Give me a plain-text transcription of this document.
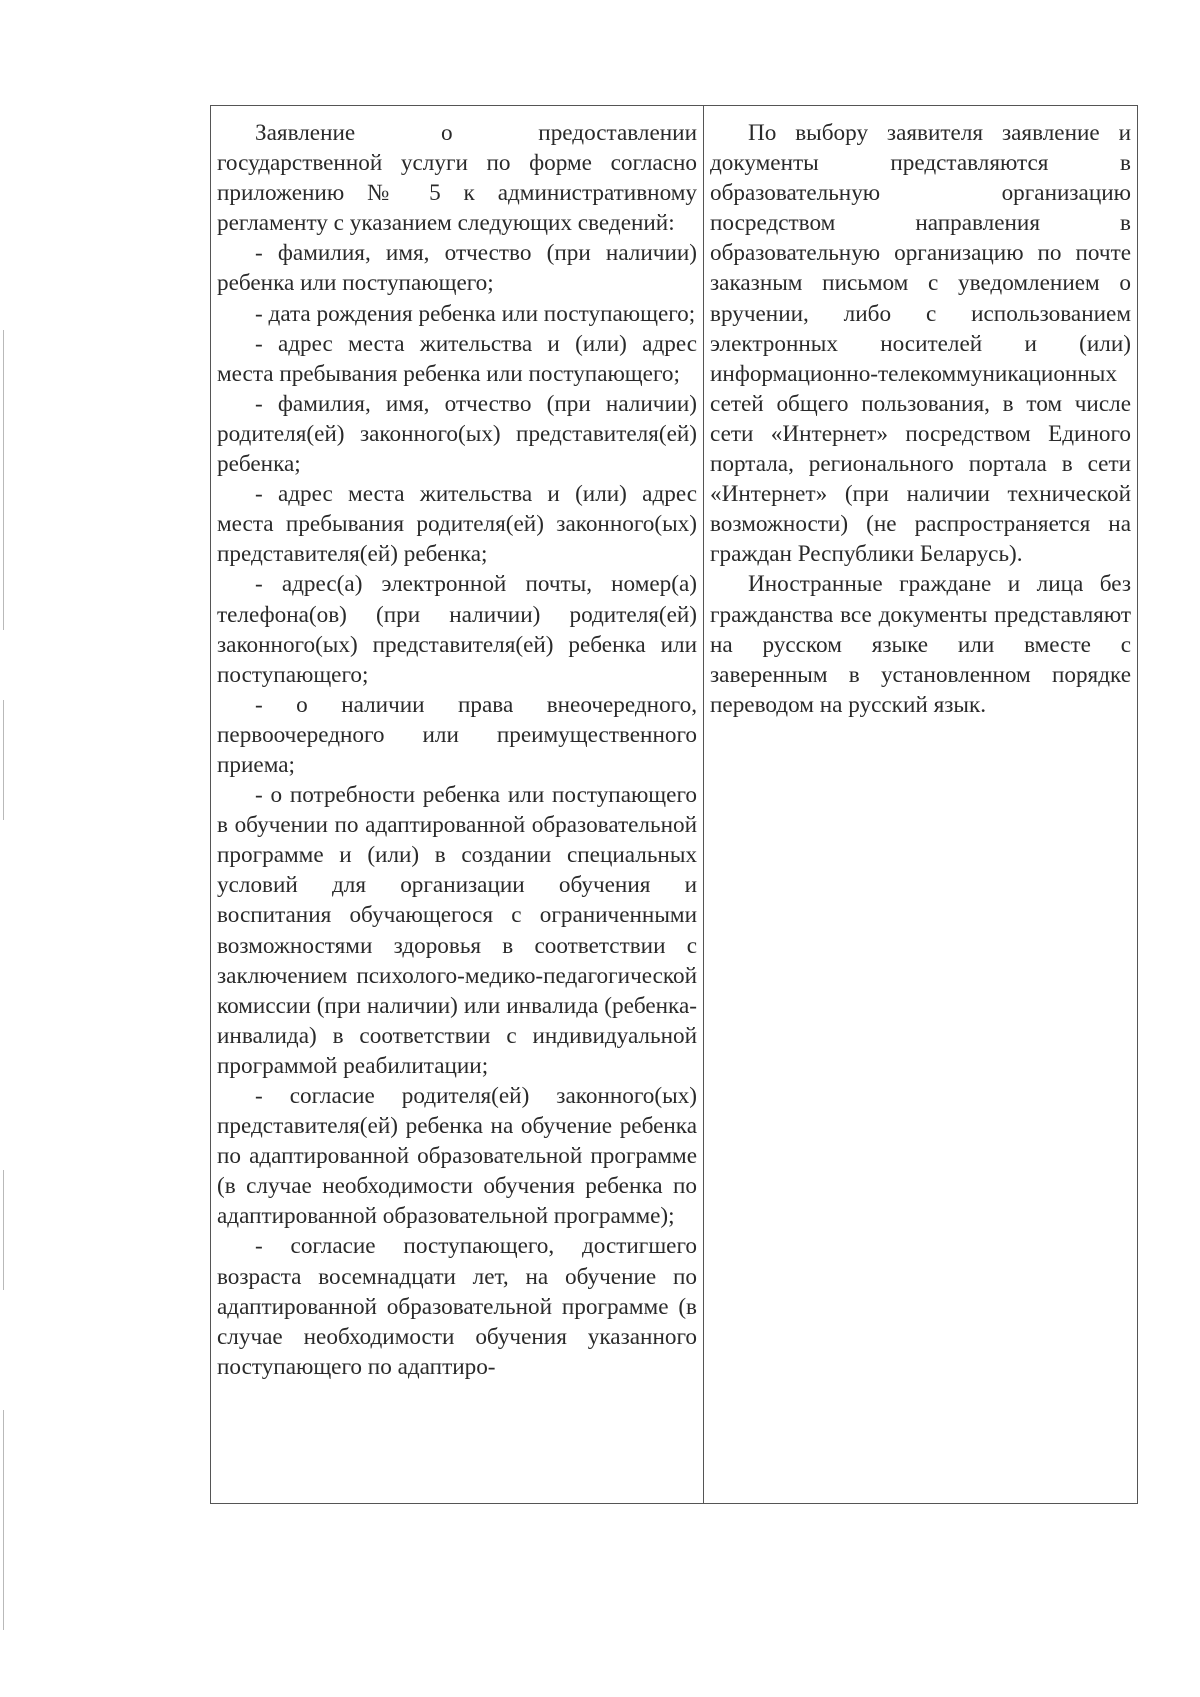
Заявление о предоставлении государственной услуги по форме согласно приложению № 5 к административному регламенту с указанием следующих сведений:

- фамилия, имя, отчество (при наличии) ребенка или поступающего;

- дата рождения ребенка или поступающего;

- адрес места жительства и (или) адрес места пребывания ребенка или поступающего;

- фамилия, имя, отчество (при наличии) родителя(ей) законного(ых) представителя(ей) ребенка;

- адрес места жительства и (или) адрес места пребывания родителя(ей) законного(ых) представителя(ей) ребенка;

- адрес(а) электронной почты, номер(а) телефона(ов) (при наличии) родителя(ей) законного(ых) представителя(ей) ребенка или поступающего;

- о наличии права внеочередного, первоочередного или преимущественного приема;

- о потребности ребенка или поступающего в обучении по адаптированной образовательной программе и (или) в создании специальных условий для организации обучения и воспитания обучающегося с ограниченными возможностями здоровья в соответствии с заключением психолого-медико-педагогической комиссии (при наличии) или инвалида (ребенка-инвалида) в соответствии с индивидуальной программой реабилитации;

- согласие родителя(ей) законного(ых) представителя(ей) ребенка на обучение ребенка по адаптированной образовательной программе (в случае необходимости обучения ребенка по адаптированной образовательной программе);

- согласие поступающего, достигшего возраста восемнадцати лет, на обучение по адаптированной образовательной программе (в случае необходимости обучения указанного поступающего по адаптиро-

По выбору заявителя заявление и документы представляются в образовательную организацию посредством направления в образовательную организацию по почте заказным письмом с уведомлением о вручении, либо с использованием электронных носителей и (или) информационно-телекоммуникационных сетей общего пользования, в том числе сети «Интернет» посредством Единого портала, регионального портала в сети «Интернет» (при наличии технической возможности) (не распространяется на граждан Республики Беларусь).

Иностранные граждане и лица без гражданства все документы представляют на русском языке или вместе с заверенным в установленном порядке переводом на русский язык.
